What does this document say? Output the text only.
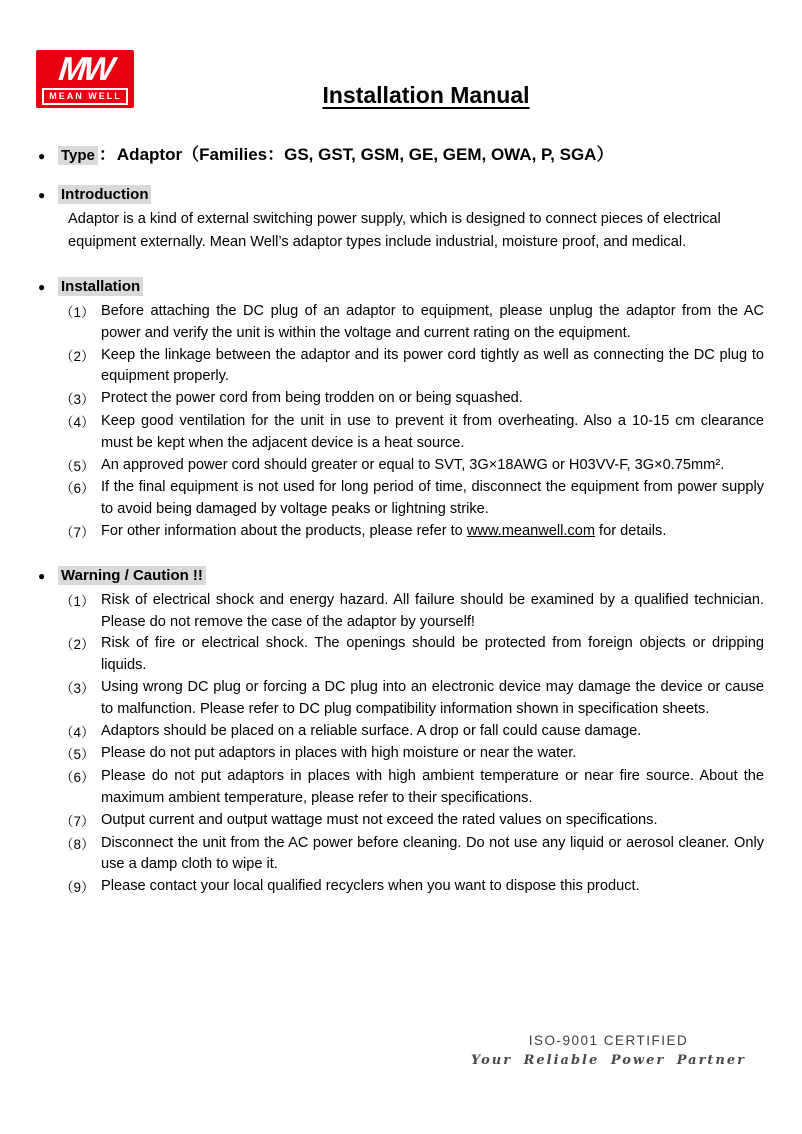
MW
MEAN WELL	Installation Manual
●	Type ： Adaptor（Families：GS, GST, GSM, GE, GEM, OWA, P, SGA）
●	Introduction

Adaptor is a kind of external switching power supply, which is designed to connect pieces of electrical equipment externally. Mean Well’s adaptor types include industrial, moisture proof, and medical.

●	Installation
（1） Before attaching the DC plug of an adaptor to equipment, please unplug the adaptor from the AC power and verify the unit is within the voltage and current rating on the equipment.
（2） Keep the linkage between the adaptor and its power cord tightly as well as connecting the DC plug to equipment properly.
（3） Protect the power cord from being trodden on or being squashed.
（4） Keep good ventilation for the unit in use to prevent it from overheating. Also a 10-15 cm clearance must be kept when the adjacent device is a heat source.
（5） An approved power cord should greater or equal to SVT, 3G×18AWG or H03VV-F, 3G×0.75mm².
（6） If the final equipment is not used for long period of time, disconnect the equipment from power supply to avoid being damaged by voltage peaks or lightning strike.
（7） For other information about the products, please refer to www.meanwell.com for details.
●	Warning / Caution !!
（1） Risk of electrical shock and energy hazard. All failure should be examined by a qualified technician. Please do not remove the case of the adaptor by yourself!
（2） Risk of fire or electrical shock. The openings should be protected from foreign objects or dripping liquids.
（3） Using wrong DC plug or forcing a DC plug into an electronic device may damage the device or cause to malfunction. Please refer to DC plug compatibility information shown in specification sheets.
（4） Adaptors should be placed on a reliable surface. A drop or fall could cause damage.
（5） Please do not put adaptors in places with high moisture or near the water.
（6） Please do not put adaptors in places with high ambient temperature or near fire source. About the maximum ambient temperature, please refer to their specifications.
（7） Output current and output wattage must not exceed the rated values on specifications.
（8） Disconnect the unit from the AC power before cleaning. Do not use any liquid or aerosol cleaner. Only use a damp cloth to wipe it.
（9） Please contact your local qualified recyclers when you want to dispose this product.
ISO-9001 CERTIFIED
Your Reliable Power Partner
